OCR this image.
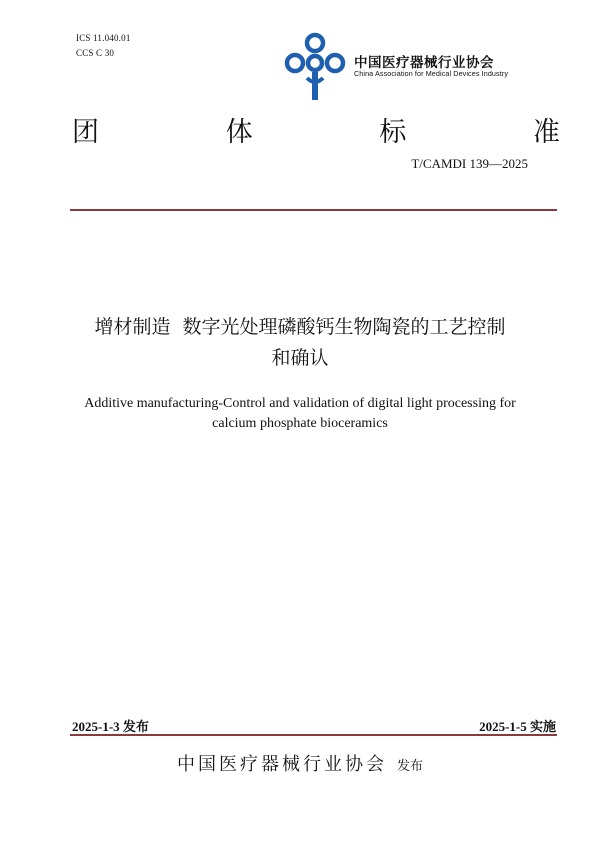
ICS 11.040.01
CCS C 30
中国医疗器械行业协会
China Association for Medical Devices Industry
团	体	标	准
T/CAMDI 139—2025
增材制造  数字光处理磷酸钙生物陶瓷的工艺控制
和确认
Additive manufacturing-Control and validation of digital light processing for
calcium phosphate bioceramics
2025-1-3 发布	2025-1-5 实施
中国医疗器械行业协会 发布
